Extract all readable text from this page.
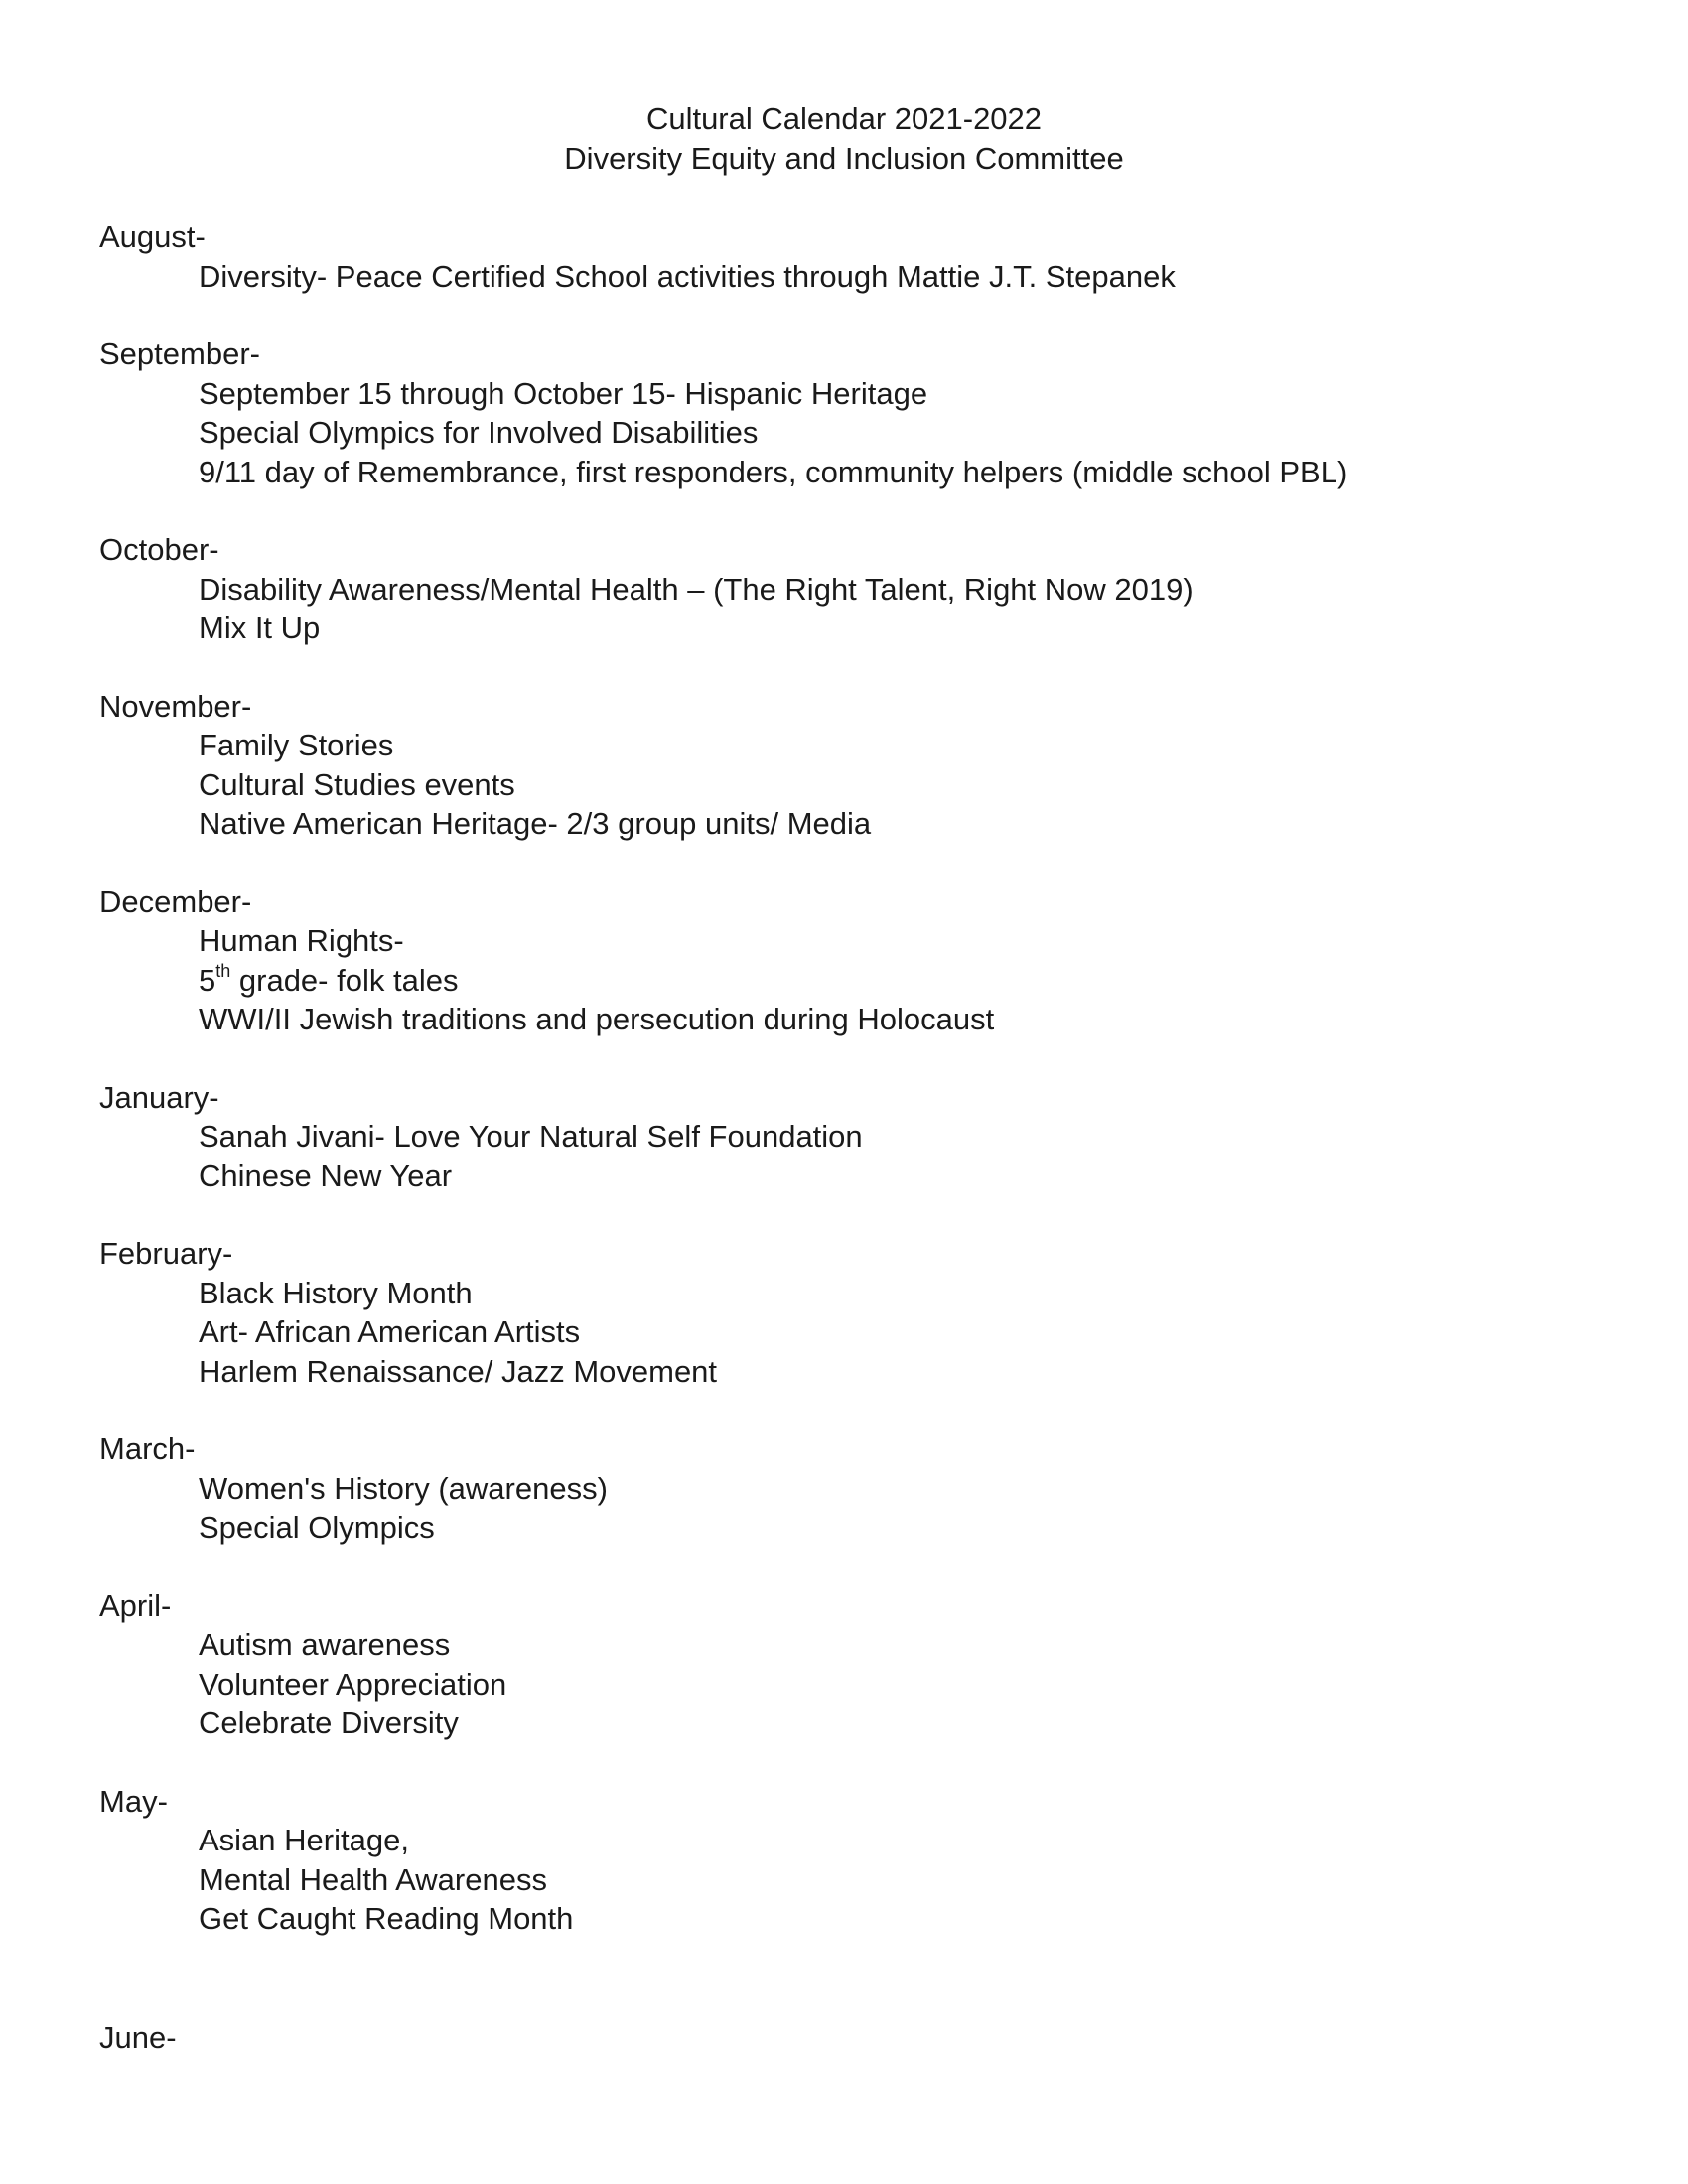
Cultural Calendar 2021-2022
Diversity Equity and Inclusion Committee
August-
Diversity- Peace Certified School activities through Mattie J.T. Stepanek
September-
September 15 through October 15- Hispanic Heritage
Special Olympics for Involved Disabilities
9/11 day of Remembrance, first responders, community helpers (middle school PBL)
October-
Disability Awareness/Mental Health – (The Right Talent, Right Now 2019)
Mix It Up
November-
Family Stories
Cultural Studies events
Native American Heritage- 2/3 group units/ Media
December-
Human Rights-
5th grade- folk tales
WWI/II Jewish traditions and persecution during Holocaust
January-
Sanah Jivani- Love Your Natural Self Foundation
Chinese New Year
February-
Black History Month
Art- African American Artists
Harlem Renaissance/ Jazz Movement
March-
Women's History (awareness)
Special Olympics
April-
Autism awareness
Volunteer Appreciation
Celebrate Diversity
May-
Asian Heritage,
Mental Health Awareness
Get Caught Reading Month
June-
